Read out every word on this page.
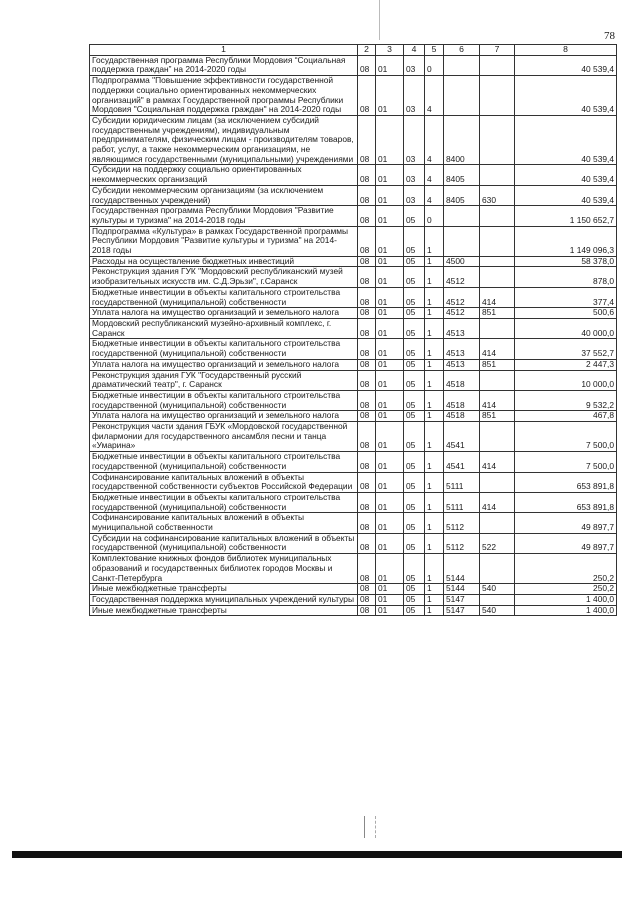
78
1	2	3	4	5	6	7	8
Государственная программа Республики Мордовия “Социальная поддержка граждан” на 2014-2020 годы	08	01	03	0			40 539,4
Подпрограмма "Повышение эффективности государственной поддержки социально ориентированных некоммерческих организаций" в рамках Государственной программы Республики Мордовия "Социальная поддержка граждан" на 2014-2020 годы	08	01	03	4			40 539,4
Субсидии юридическим лицам (за исключением субсидий государственным учреждениям), индивидуальным предпринимателям, физическим лицам - производителям товаров, работ, услуг, а также некоммерческим организациям, не являющимся государственными (муниципальными) учреждениями	08	01	03	4	8400		40 539,4
Субсидии на поддержку социально ориентированных некоммерческих организаций	08	01	03	4	8405		40 539,4
Субсидии некоммерческим организациям (за исключением государственных учреждений)	08	01	03	4	8405	630	40 539,4
Государственная программа Республики Мордовия "Развитие культуры и туризма" на 2014-2018 годы	08	01	05	0			1 150 652,7
Подпрограмма «Культура» в рамках Государственной программы Республики Мордовия "Развитие культуры и туризма" на 2014-2018 годы	08	01	05	1			1 149 096,3
Расходы на осуществление бюджетных инвестиций	08	01	05	1	4500		58 378,0
Реконструкция здания ГУК "Мордовский республиканский музей изобразительных искусств им. С.Д.Эрьзи", г.Саранск	08	01	05	1	4512		878,0
Бюджетные инвестиции в объекты капитального строительства государственной (муниципальной) собственности	08	01	05	1	4512	414	377,4
Уплата налога на имущество организаций и земельного налога	08	01	05	1	4512	851	500,6
Мордовский республиканский музейно-архивный комплекс, г. Саранск	08	01	05	1	4513		40 000,0
Бюджетные инвестиции в объекты капитального строительства государственной (муниципальной) собственности	08	01	05	1	4513	414	37 552,7
Уплата налога на имущество организаций и земельного налога	08	01	05	1	4513	851	2 447,3
Реконструкция здания ГУК "Государственный русский драматический театр", г. Саранск	08	01	05	1	4518		10 000,0
Бюджетные инвестиции в объекты капитального строительства государственной (муниципальной) собственности	08	01	05	1	4518	414	9 532,2
Уплата налога на имущество организаций и земельного налога	08	01	05	1	4518	851	467,8
Реконструкция части здания ГБУК «Мордовской государственной филармонии для государственного ансамбля песни и танца «Умарина»	08	01	05	1	4541		7 500,0
Бюджетные инвестиции в объекты капитального строительства государственной (муниципальной) собственности	08	01	05	1	4541	414	7 500,0
Софинансирование капитальных вложений в объекты государственной собственности субъектов Российской Федерации	08	01	05	1	5111		653 891,8
Бюджетные инвестиции в объекты капитального строительства государственной (муниципальной) собственности	08	01	05	1	5111	414	653 891,8
Софинансирование капитальных вложений в объекты муниципальной собственности	08	01	05	1	5112		49 897,7
Субсидии на софинансирование капитальных вложений в объекты государственной (муниципальной) собственности	08	01	05	1	5112	522	49 897,7
Комплектование книжных фондов библиотек муниципальных образований и государственных библиотек городов Москвы и Санкт-Петербурга	08	01	05	1	5144		250,2
Иные межбюджетные трансферты	08	01	05	1	5144	540	250,2
Государственная поддержка муниципальных учреждений культуры	08	01	05	1	5147		1 400,0
Иные межбюджетные трансферты	08	01	05	1	5147	540	1 400,0
